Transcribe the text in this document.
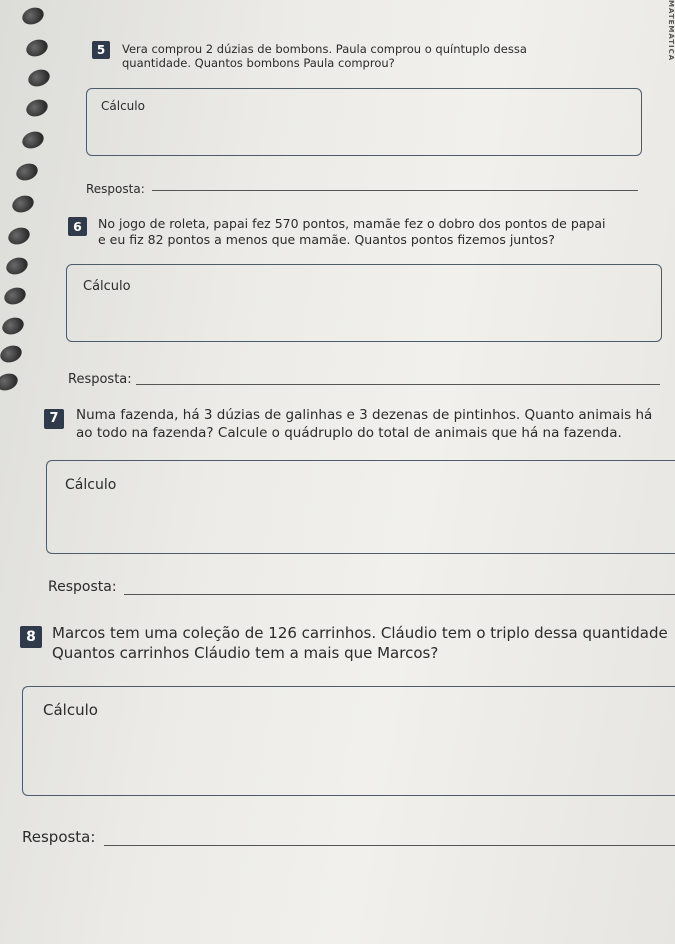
MATEMÁTICA
5	Vera comprou 2 dúzias de bombons. Paula comprou o quíntuplo dessa
quantidade. Quantos bombons Paula comprou?
Cálculo
Resposta:
6	No jogo de roleta, papai fez 570 pontos, mamãe fez o dobro dos pontos de papai
e eu fiz 82 pontos a menos que mamãe. Quantos pontos fizemos juntos?
Cálculo
Resposta:
7	Numa fazenda, há 3 dúzias de galinhas e 3 dezenas de pintinhos. Quanto animais há
ao todo na fazenda? Calcule o quádruplo do total de animais que há na fazenda.
Cálculo
Resposta:
8	Marcos tem uma coleção de 126 carrinhos. Cláudio tem o triplo dessa quantidade
Quantos carrinhos Cláudio tem a mais que Marcos?
Cálculo
Resposta:
